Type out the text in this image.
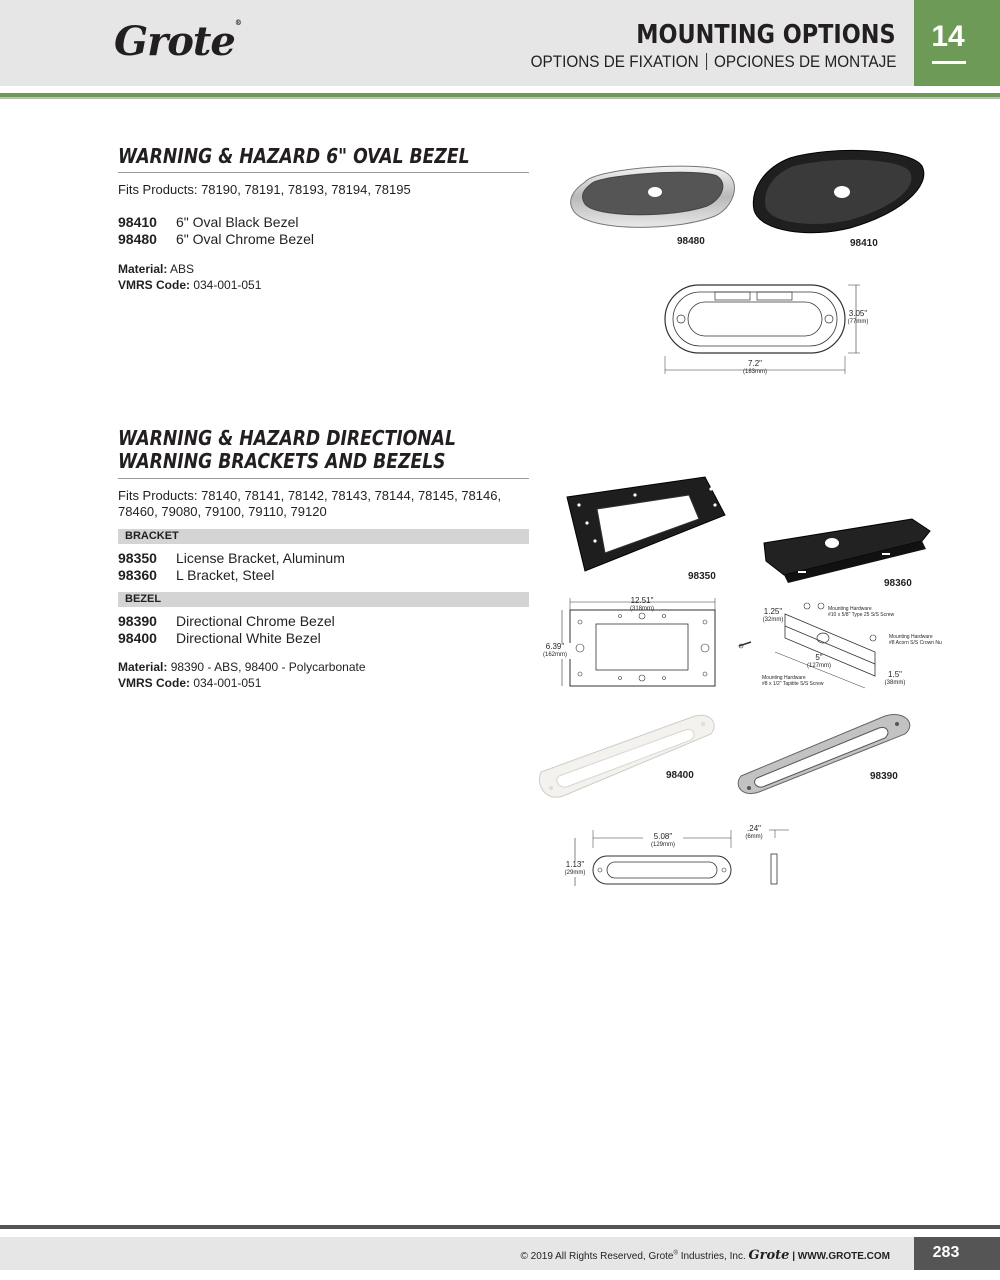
Grote®	MOUNTING OPTIONS
OPTIONS DE FIXATION OPCIONES DE MONTAJE
14
WARNING & HAZARD 6" OVAL BEZEL
Fits Products: 78190, 78191, 78193, 78194, 78195
98410	6" Oval Black Bezel
98480	6" Oval Chrome Bezel
Material: ABS
VMRS Code: 034-001-051
98480	98410
3.05"
(77mm)
7.2"
(183mm)
WARNING & HAZARD DIRECTIONAL
WARNING BRACKETS AND BEZELS
Fits Products: 78140, 78141, 78142, 78143, 78144, 78145, 78146, 78460, 79080, 79100, 79110, 79120
BRACKET
98350	License Bracket, Aluminum
98360	L Bracket, Steel
BEZEL
98390	Directional Chrome Bezel
98400	Directional White Bezel
Material: 98390 - ABS, 98400 - Polycarbonate
VMRS Code: 034-001-051
98350
98360
12.51"
(318mm)
6.39"
(162mm)
1.25"
(32mm)
5"
(127mm)
1.5"
(38mm)
Mounting Hardware
#10 x 5/8" Type 25 S/S Screw
Mounting Hardware
#8 Acorn S/S Crown Nu
Mounting Hardware
#8 x 1/2" Tapitite S/S Screw
98400	98390
5.08"
(129mm)
1.13"
(29mm)
.24"
(6mm)
© 2019 All Rights Reserved, Grote® Industries, Inc. Grote | WWW.GROTE.COM	283
